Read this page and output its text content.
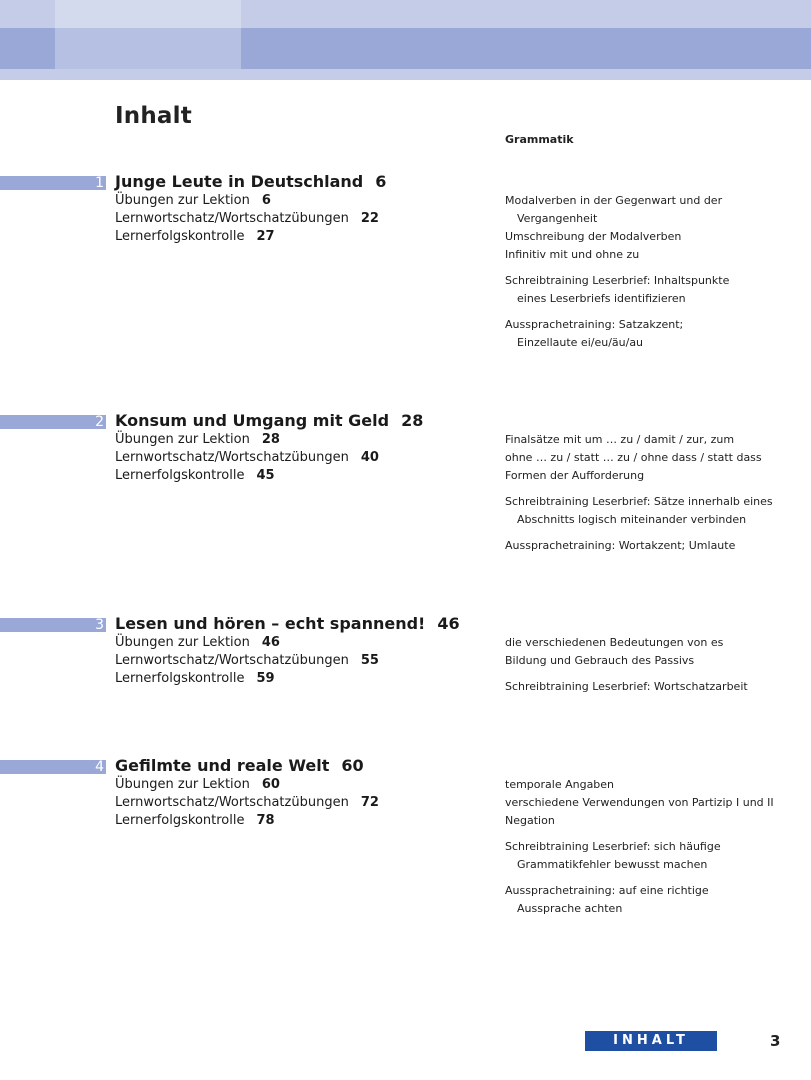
Inhalt
Grammatik
1 Junge Leute in Deutschland 6
Übungen zur Lektion 6
Lernwortschatz/Wortschatzübungen 22
Lernerfolgskontrolle 27
Modalverben in der Gegenwart und der
Vergangenheit
Umschreibung der Modalverben
Infinitiv mit und ohne zu
Schreibtraining Leserbrief: Inhaltspunkte
eines Leserbriefs identifizieren
Aussprachetraining: Satzakzent;
Einzellaute ei/eu/äu/au
2 Konsum und Umgang mit Geld 28
Übungen zur Lektion 28
Lernwortschatz/Wortschatzübungen 40
Lernerfolgskontrolle 45
Finalsätze mit um … zu / damit / zur, zum
ohne … zu / statt … zu / ohne dass / statt dass
Formen der Aufforderung
Schreibtraining Leserbrief: Sätze innerhalb eines
Abschnitts logisch miteinander verbinden
Aussprachetraining: Wortakzent; Umlaute
3 Lesen und hören – echt spannend! 46
Übungen zur Lektion 46
Lernwortschatz/Wortschatzübungen 55
Lernerfolgskontrolle 59
die verschiedenen Bedeutungen von es
Bildung und Gebrauch des Passivs
Schreibtraining Leserbrief: Wortschatzarbeit
4 Gefilmte und reale Welt 60
Übungen zur Lektion 60
Lernwortschatz/Wortschatzübungen 72
Lernerfolgskontrolle 78
temporale Angaben
verschiedene Verwendungen von Partizip I und II
Negation
Schreibtraining Leserbrief: sich häufige
Grammatikfehler bewusst machen
Aussprachetraining: auf eine richtige
Aussprache achten
INHALT	3
